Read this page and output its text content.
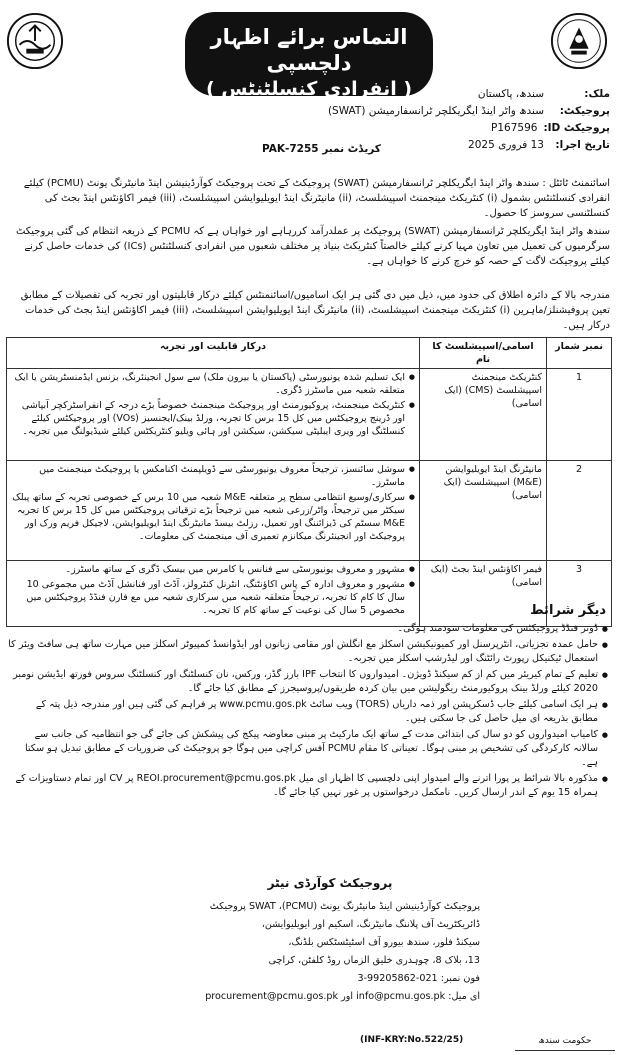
التماس برائے اظہار دلچسپی
( انفرادی کنسلٹنٹس )	ملک:
سندھ، پاکستان
پروجیکٹ:
سندھ واٹر اینڈ ایگریکلچر ٹرانسفارمیشن (SWAT)
پروجیکٹ ID:
P167596
تاریخ اجرا:
13 فروری 2025
کریڈٹ نمبر 7255-PAK
اسائنمنٹ ٹائٹل : سندھ واٹر اینڈ ایگریکلچر ٹرانسفارمیشن (SWAT) پروجیکٹ کے تحت پروجیکٹ کوآرڈینیشن اینڈ مانیٹرنگ یونٹ (PCMU) کیلئے انفرادی کنسلٹنٹس بشمول (i) کنٹریکٹ مینجمنٹ اسپیشلسٹ، (ii) مانیٹرنگ اینڈ ایویلیوایشن اسپیشلسٹ، (iii) فیمر اکاؤنٹس اینڈ بجٹ کی کنسلٹنسی سروسز کا حصول۔
سندھ واٹر اینڈ ایگریکلچر ٹرانسفارمیشن (SWAT) پروجیکٹ پر عملدرآمد کررہاہے اور خواہاں ہے کہ PCMU کے ذریعہ انتظام کی گئی پروجیکٹ سرگرمیوں کی تعمیل میں تعاون مہیا کرنے کیلئے خالصتاً کنٹریکٹ بنیاد پر مختلف شعبوں میں انفرادی کنسلٹنٹس (ICs) کی خدمات حاصل کرنے کیلئے پروجیکٹ لاگت کے حصہ کو خرچ کرنے کا خواہاں ہے۔
مندرجہ بالا کے دائرہ اطلاق کی حدود میں، ذیل میں دی گئی ہر ایک اسامیوں/اسائنمنٹس کیلئے درکار قابلیتوں اور تجربہ کی تفصیلات کے مطابق تعین پروفیشنلز/ماہرین (i) کنٹریکٹ مینجمنٹ اسپیشلسٹ، (ii) مانیٹرنگ اینڈ ایویلیوایشن اسپیشلسٹ، (iii) فیمر اکاؤنٹس اینڈ بجٹ کی خدمات درکار ہیں۔
نمبر شمار	اسامی/اسپیشلسٹ کا نام	درکار قابلیت اور تجربہ
1	کنٹریکٹ مینجمنٹ اسپیشلسٹ (CMS) (ایک اسامی)	● ایک تسلیم شدہ یونیورسٹی (پاکستان یا بیرون ملک) سے سول انجینئرنگ، بزنس ایڈمنسٹریشن یا ایک متعلقہ شعبہ میں ماسٹرز ڈگری۔
● کنٹریکٹ مینجمنٹ، پروکیورمنٹ اور پروجیکٹ مینجمنٹ خصوصاً بڑے درجہ کے انفراسٹرکچر آبپاشی اور ڈرینج پروجیکٹس میں کل 15 برس کا تجربہ، ورلڈ بینک/ایجنسیز (VOs) اور پروجیکٹس کیلئے کنسلٹنگ اور ویری ایبلیٹی سیکشن، سیکشن اور ہائی ویلیو کنٹریکٹس کیلئے شیڈیولنگ میں تجربہ۔

2	مانیٹرنگ اینڈ ایویلیوایشن (M&E) اسپیشلسٹ (ایک اسامی)	● سوشل سائنسز، ترجیحاً معروف یونیورسٹی سے ڈویلپمنٹ اکنامکس یا پروجیکٹ مینجمنٹ میں ماسٹرز۔
● سرکاری/وسیع انتظامی سطح پر متعلقہ M&E شعبہ میں 10 برس کے خصوصی تجربہ کے ساتھ پبلک سیکٹر میں ترجیحاً، واٹر/زرعی شعبہ میں ترجیحاً بڑے ترقیاتی پروجیکٹس میں کل 15 برس کا تجربہ M&E سسٹم کی ڈیزائننگ اور تعمیل، رزلٹ بیسڈ مانیٹرنگ اینڈ ایویلیوایشن، لاجیکل فریم ورک اور پروجیکٹ اور انجینئرنگ میکانزم تعمیری آف مینجمنٹ کی معلومات۔

3	فیمر اکاؤنٹس اینڈ بجٹ (ایک اسامی)	● مشہور و معروف یونیورسٹی سے فنانس یا کامرس میں بیسک ڈگری کے ساتھ ماسٹرز۔
● مشہور و معروف ادارہ کے پاس اکاؤنٹنگ، انٹرنل کنٹرولز، آڈٹ اور فنانشل آڈٹ میں مجموعی 10 سال کا کام کا تجربہ، ترجیحاً متعلقہ شعبہ میں سرکاری شعبہ میں مع فارن فنڈڈ پروجیکٹس میں مخصوص 5 سال کی نوعیت کے ساتھ کام کا تجربہ۔	دیگر شرائط
● ڈونر فنڈڈ پروجیکٹس کی معلومات سودمند ہوگی۔
● حامل عمدہ تجزیاتی، انٹرپرسنل اور کمیونیکیشن اسکلز مع انگلش اور مقامی زبانوں اور ایڈوانسڈ کمپیوٹر اسکلز میں مہارت ساتھ ہی سافٹ ویئر کا استعمال ٹیکنیکل رپورٹ رائٹنگ اور لیڈرشپ اسکلز میں تجربہ۔
● تعلیم کے تمام کیریئر میں کم از کم سیکنڈ ڈویژن۔ امیدواروں کا انتخاب IPF بارز گڈز، ورکس، نان کنسلٹنگ اور کنسلٹنگ سروس فورتھ ایڈیشن نومبر 2020 کیلئے ورلڈ بینک پروکیورمنٹ ریگولیشن میں بیان کردہ طریقوں/پروسیجرز کے مطابق کیا جائے گا۔
● ہر ایک اسامی کیلئے جاب ڈسکرپشن اور ذمہ داریاں (TORS) ویب سائٹ www.pcmu.gos.pk پر فراہم کی گئی ہیں اور مندرجہ ذیل پتہ کے مطابق بذریعہ ای میل حاصل کی جا سکتی ہیں۔
● کامیاب امیدواروں کو دو سال کی ابتدائی مدت کے ساتھ ایک مارکیٹ پر مبنی معاوضہ پیکج کی پیشکش کی جائے گی جو انتظامیہ کی جانب سے سالانہ کارکردگی کی تشخیص پر مبنی ہوگا۔ تعیناتی کا مقام PCMU آفس کراچی میں ہوگا جو پروجیکٹ کی ضروریات کے مطابق تبدیل ہو سکتا ہے۔
● مذکورہ بالا شرائط پر پورا اترنے والے امیدوار اپنی دلچسپی کا اظہار ای میل REOI.procurement@pcmu.gos.pk پر CV اور تمام دستاویزات کے ہمراہ 15 یوم کے اندر ارسال کریں۔ نامکمل درخواستوں پر غور نہیں کیا جائے گا۔
پروجیکٹ کوآرڈی نیٹر
پروجیکٹ کوآرڈینیشن اینڈ مانیٹرنگ یونٹ (PCMU)، SWAT پروجیکٹ
ڈائریکٹریٹ آف پلاننگ مانیٹرنگ، اسکیم اور ایویلیوایشن،
سیکنڈ فلور، سندھ بیورو آف اسٹیٹسٹکس بلڈنگ،
13، بلاک 8، چوہدری خلیق الزماں روڈ کلفٹن، کراچی
فون نمبر: 021-99205862-3
ای میل: info@pcmu.gos.pk اور procurement@pcmu.gos.pk
(INF-KRY:No.522/25)	حکومت سندھ
